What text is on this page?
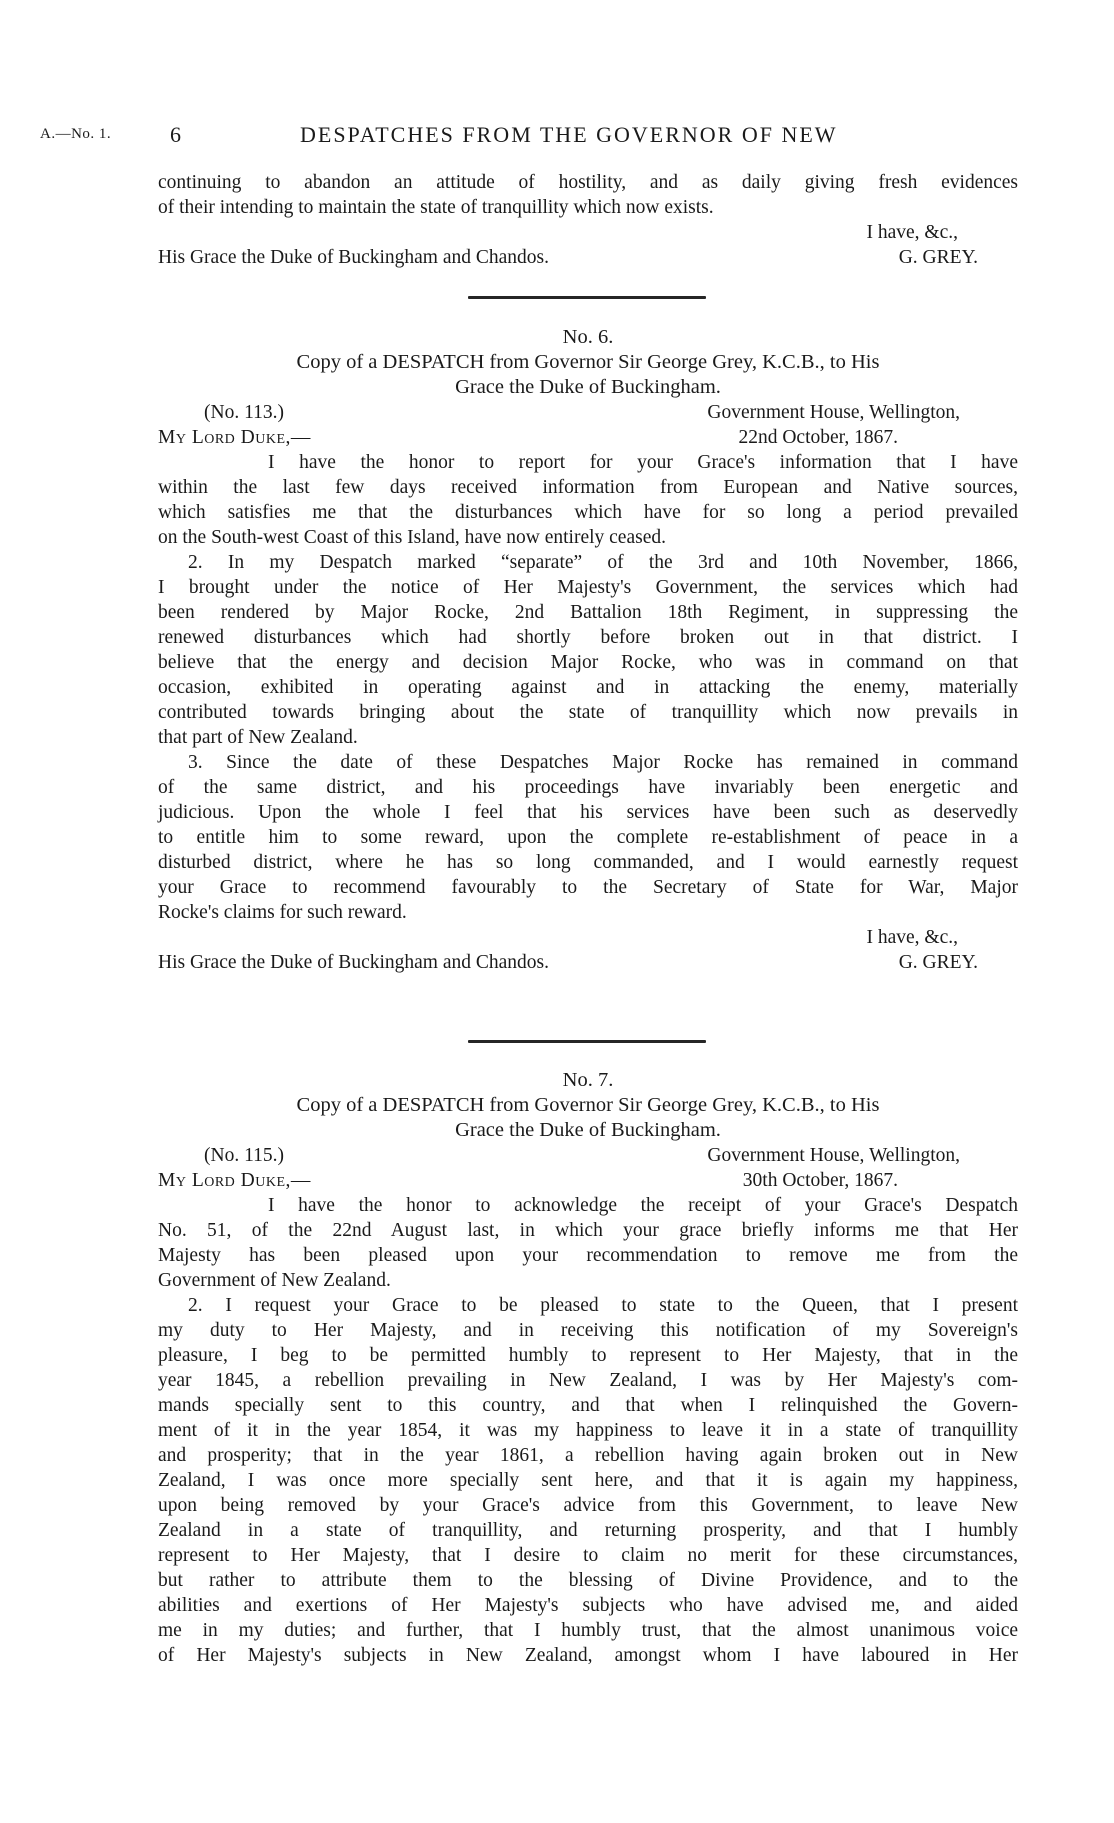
A.—No. 1.	6	DESPATCHES FROM THE GOVERNOR OF NEW
continuing to abandon an attitude of hostility, and as daily giving fresh evidences
of their intending to maintain the state of tranquillity which now exists.
I have, &c.,
His Grace the Duke of Buckingham and Chandos.	G. GREY.
No. 6.
Copy of a DESPATCH from Governor Sir George Grey, K.C.B., to His
Grace the Duke of Buckingham.
(No. 113.)	Government House, Wellington,
My Lord Duke,—	22nd October, 1867.
I have the honor to report for your Grace's information that I have
within the last few days received information from European and Native sources,
which satisfies me that the disturbances which have for so long a period prevailed
on the South-west Coast of this Island, have now entirely ceased.
2. In my Despatch marked “separate” of the 3rd and 10th November, 1866,
I brought under the notice of Her Majesty's Government, the services which had
been rendered by Major Rocke, 2nd Battalion 18th Regiment, in suppressing the
renewed disturbances which had shortly before broken out in that district. I
believe that the energy and decision Major Rocke, who was in command on that
occasion, exhibited in operating against and in attacking the enemy, materially
contributed towards bringing about the state of tranquillity which now prevails in
that part of New Zealand.
3. Since the date of these Despatches Major Rocke has remained in command
of the same district, and his proceedings have invariably been energetic and
judicious. Upon the whole I feel that his services have been such as deservedly
to entitle him to some reward, upon the complete re-establishment of peace in a
disturbed district, where he has so long commanded, and I would earnestly request
your Grace to recommend favourably to the Secretary of State for War, Major
Rocke's claims for such reward.
I have, &c.,
His Grace the Duke of Buckingham and Chandos.	G. GREY.
No. 7.
Copy of a DESPATCH from Governor Sir George Grey, K.C.B., to His
Grace the Duke of Buckingham.
(No. 115.)	Government House, Wellington,
My Lord Duke,—	30th October, 1867.
I have the honor to acknowledge the receipt of your Grace's Despatch
No. 51, of the 22nd August last, in which your grace briefly informs me that Her
Majesty has been pleased upon your recommendation to remove me from the
Government of New Zealand.
2. I request your Grace to be pleased to state to the Queen, that I present
my duty to Her Majesty, and in receiving this notification of my Sovereign's
pleasure, I beg to be permitted humbly to represent to Her Majesty, that in the
year 1845, a rebellion prevailing in New Zealand, I was by Her Majesty's com-
mands specially sent to this country, and that when I relinquished the Govern-
ment of it in the year 1854, it was my happiness to leave it in a state of tranquillity
and prosperity; that in the year 1861, a rebellion having again broken out in New
Zealand, I was once more specially sent here, and that it is again my happiness,
upon being removed by your Grace's advice from this Government, to leave New
Zealand in a state of tranquillity, and returning prosperity, and that I humbly
represent to Her Majesty, that I desire to claim no merit for these circumstances,
but rather to attribute them to the blessing of Divine Providence, and to the
abilities and exertions of Her Majesty's subjects who have advised me, and aided
me in my duties; and further, that I humbly trust, that the almost unanimous voice
of Her Majesty's subjects in New Zealand, amongst whom I have laboured in Her
